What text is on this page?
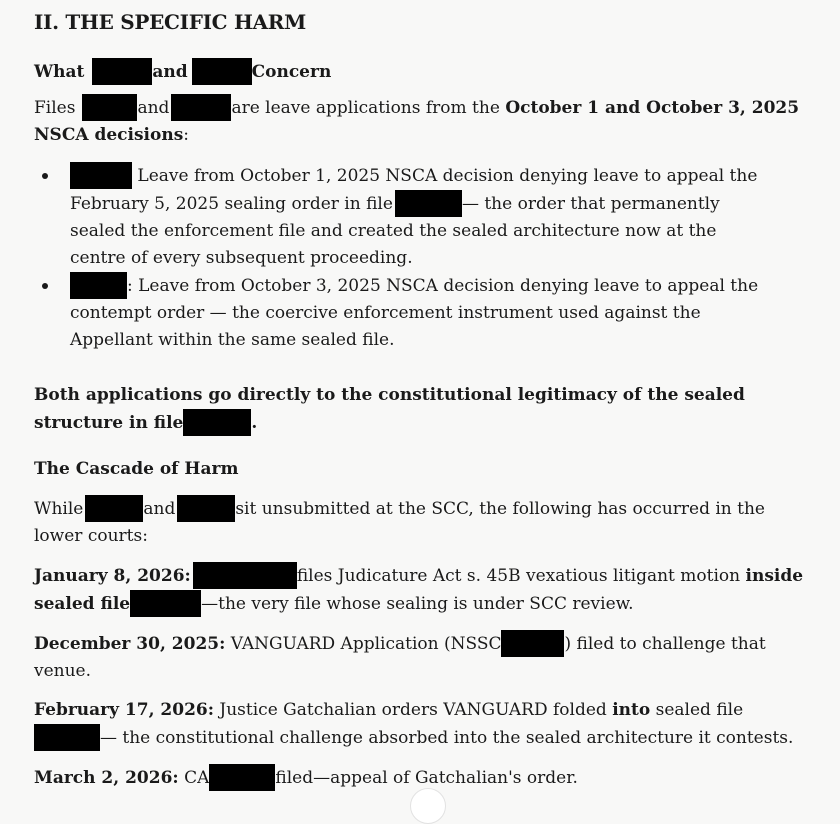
II. THE SPECIFIC HARM
What	and	Concern

Files	and	are leave applications from the October 1 and October 3, 2025 NSCA decisions:

Leave from October 1, 2025 NSCA decision denying leave to appeal the February 5, 2025 sealing order in file	— the order that permanently sealed the enforcement file and created the sealed architecture now at the centre of every subsequent proceeding.
: Leave from October 3, 2025 NSCA decision denying leave to appeal the contempt order — the coercive enforcement instrument used against the Appellant within the same sealed file.

Both applications go directly to the constitutional legitimacy of the sealed structure in file	.

The Cascade of Harm

While	and	sit unsubmitted at the SCC, the following has occurred in the lower courts:

January 8, 2026:	files Judicature Act s. 45B vexatious litigant motion inside sealed file	—the very file whose sealing is under SCC review.

December 30, 2025: VANGUARD Application (NSSC	) filed to challenge that venue.

February 17, 2026: Justice Gatchalian orders VANGUARD folded into sealed file— the constitutional challenge absorbed into the sealed architecture it contests.

March 2, 2026: CA	filed—appeal of Gatchalian's order.
